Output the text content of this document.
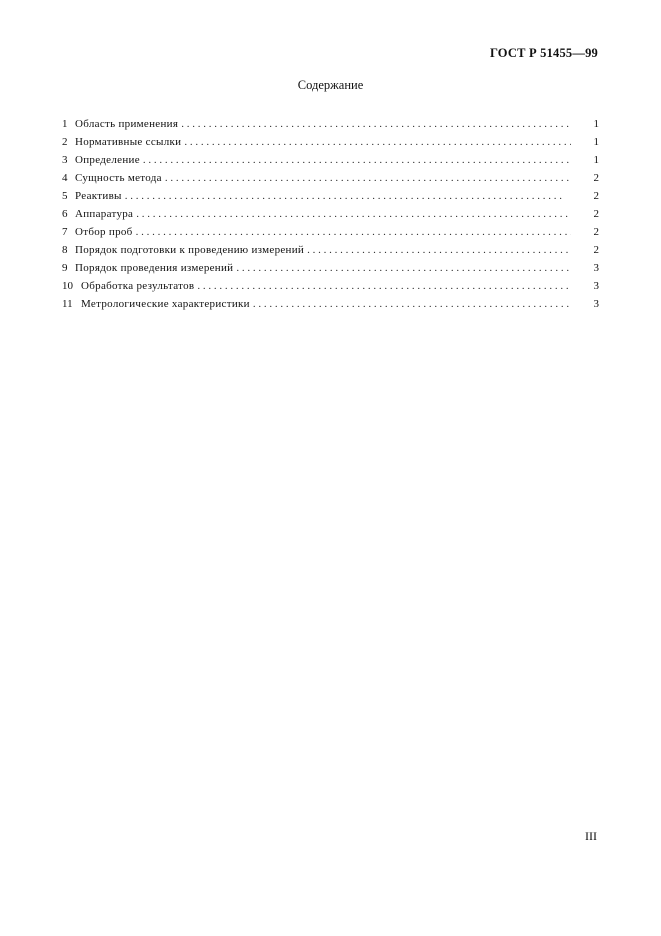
ГОСТ Р 51455—99
Содержание
1 Область применения . . .	1
2 Нормативные ссылки . . .	1
3 Определение . . .	1
4 Сущность метода . . .	2
5 Реактивы . . .	2
6 Аппаратура . . .	2
7 Отбор проб . . .	2
8 Порядок подготовки к проведению измерений . . .	2
9 Порядок проведения измерений . . .	3
10 Обработка результатов . . .	3
11 Метрологические характеристики . . .	3
III
